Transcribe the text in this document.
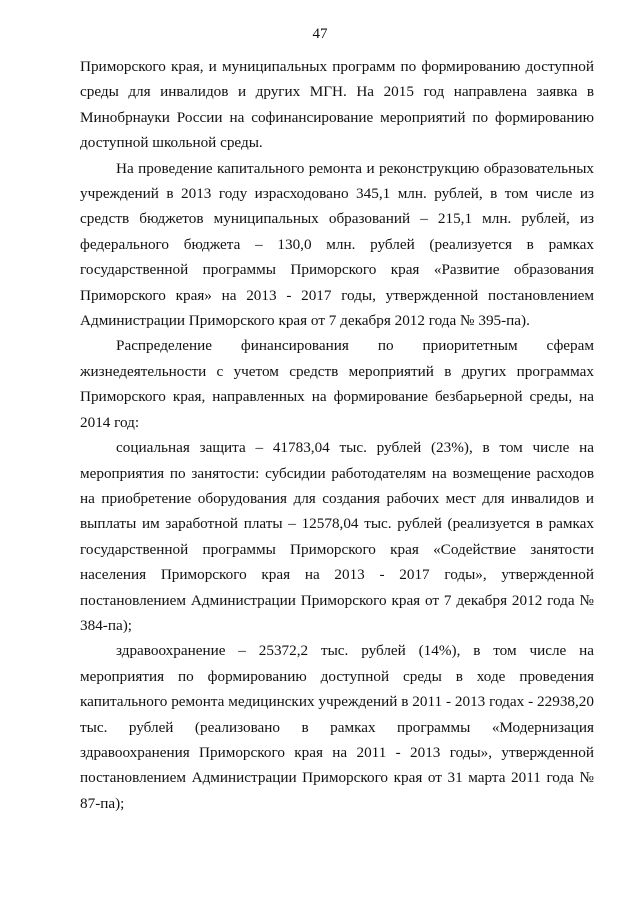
47

Приморского края, и муниципальных программ по формированию доступной среды для инвалидов и других МГН. На 2015 год направлена заявка в Минобрнауки России на софинансирование мероприятий по формированию доступной школьной среды.

На проведение капитального ремонта и реконструкцию образовательных учреждений в 2013 году израсходовано 345,1 млн. рублей, в том числе из средств бюджетов муниципальных образований – 215,1 млн. рублей, из федерального бюджета – 130,0 млн. рублей (реализуется в рамках государственной программы Приморского края «Развитие образования Приморского края» на 2013 - 2017 годы, утвержденной постановлением Администрации Приморского края от 7 декабря 2012 года № 395-па).

Распределение финансирования по приоритетным сферам жизнедеятельности с учетом средств мероприятий в других программах Приморского края, направленных на формирование безбарьерной среды, на 2014 год:

социальная защита – 41783,04 тыс. рублей (23%), в том числе на мероприятия по занятости: субсидии работодателям на возмещение расходов на приобретение оборудования для создания рабочих мест для инвалидов и выплаты им заработной платы – 12578,04 тыс. рублей (реализуется в рамках государственной программы Приморского края «Содействие занятости населения Приморского края на 2013 - 2017 годы», утвержденной постановлением Администрации Приморского края от 7 декабря 2012 года № 384-па);

здравоохранение – 25372,2 тыс. рублей (14%), в том числе на мероприятия по формированию доступной среды в ходе проведения капитального ремонта медицинских учреждений в 2011 - 2013 годах - 22938,20 тыс. рублей (реализовано в рамках программы «Модернизация здравоохранения Приморского края на 2011 - 2013 годы», утвержденной постановлением Администрации Приморского края от 31 марта 2011 года № 87-па);
